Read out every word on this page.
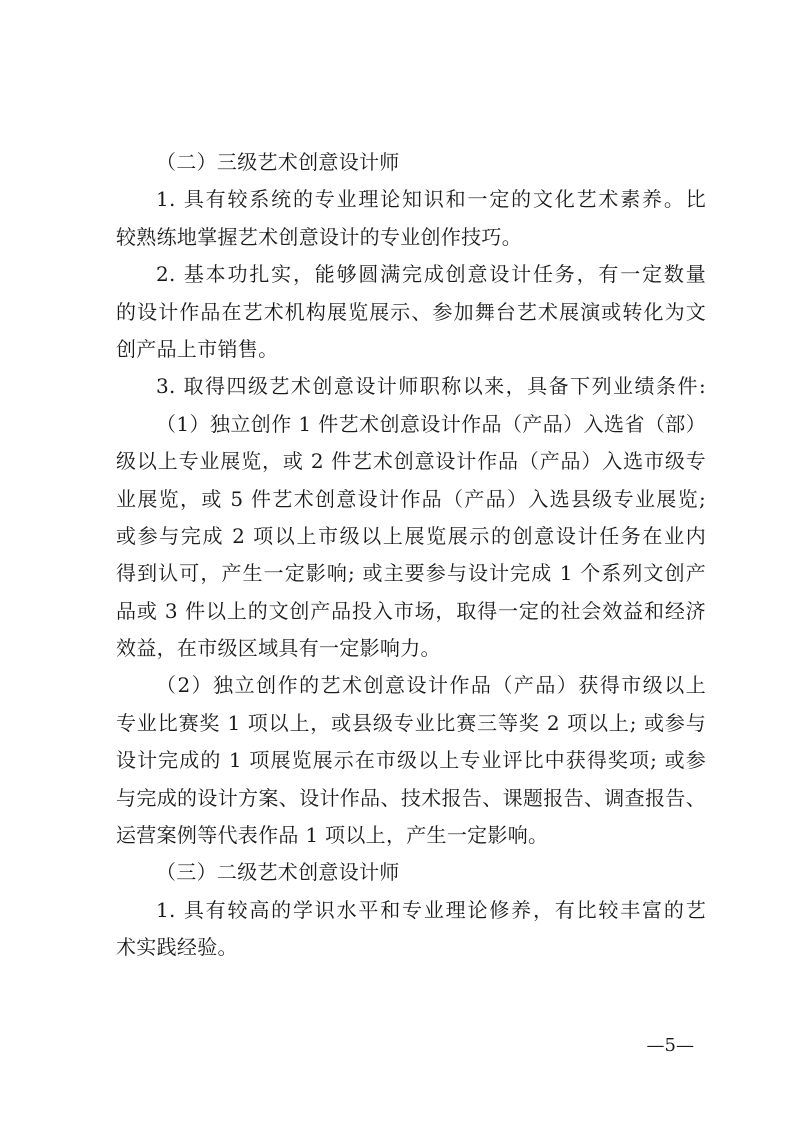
（二）三级艺术创意设计师
1. 具有较系统的专业理论知识和一定的文化艺术素养。比
较熟练地掌握艺术创意设计的专业创作技巧。
2. 基本功扎实，能够圆满完成创意设计任务，有一定数量
的设计作品在艺术机构展览展示、参加舞台艺术展演或转化为文
创产品上市销售。
3. 取得四级艺术创意设计师职称以来，具备下列业绩条件:
（1）独立创作 1 件艺术创意设计作品（产品）入选省（部）
级以上专业展览，或 2 件艺术创意设计作品（产品）入选市级专
业展览，或 5 件艺术创意设计作品（产品）入选县级专业展览;
或参与完成 2 项以上市级以上展览展示的创意设计任务在业内
得到认可，产生一定影响; 或主要参与设计完成 1 个系列文创产
品或 3 件以上的文创产品投入市场，取得一定的社会效益和经济
效益，在市级区域具有一定影响力。
（2）独立创作的艺术创意设计作品（产品）获得市级以上
专业比赛奖 1 项以上，或县级专业比赛三等奖 2 项以上; 或参与
设计完成的 1 项展览展示在市级以上专业评比中获得奖项; 或参
与完成的设计方案、设计作品、技术报告、课题报告、调查报告、
运营案例等代表作品 1 项以上，产生一定影响。
（三）二级艺术创意设计师
1. 具有较高的学识水平和专业理论修养，有比较丰富的艺
术实践经验。
—5—
